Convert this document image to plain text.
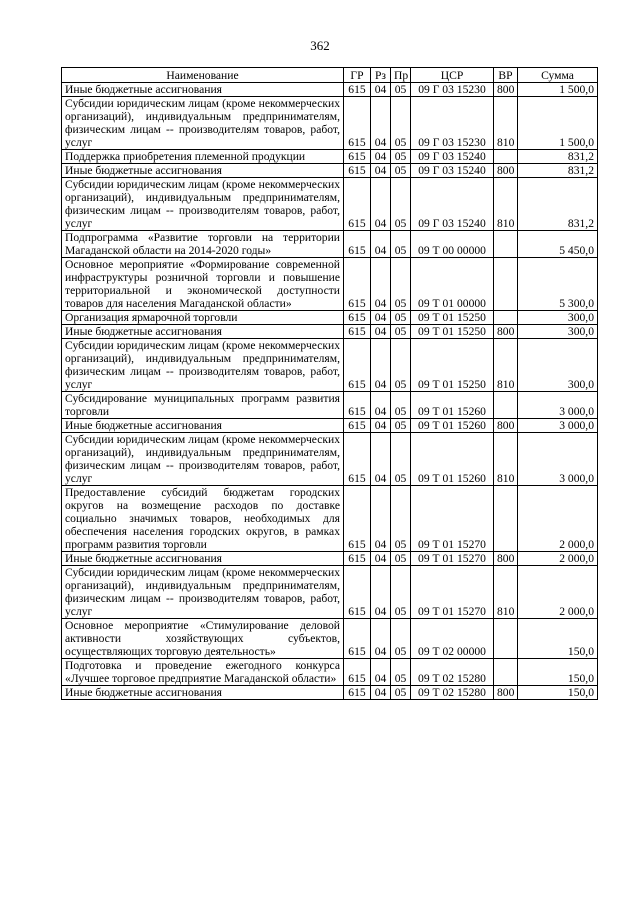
362
Наименование	ГР	Рз	Пр	ЦСР	ВР	Сумма
Иные бюджетные ассигнования	615	04	05	09 Г 03 15230	800	1 500,0
Субсидии юридическим лицам (кроме некоммерческих организаций), индивидуальным предпринимателям, физическим лицам -- производителям товаров, работ, услуг	615	04	05	09 Г 03 15230	810	1 500,0
Поддержка приобретения племенной продукции	615	04	05	09 Г 03 15240		831,2
Иные бюджетные ассигнования	615	04	05	09 Г 03 15240	800	831,2
Субсидии юридическим лицам (кроме некоммерческих организаций), индивидуальным предпринимателям, физическим лицам -- производителям товаров, работ, услуг	615	04	05	09 Г 03 15240	810	831,2
Подпрограмма «Развитие торговли на территории Магаданской области на 2014-2020 годы»	615	04	05	09 Т 00 00000		5 450,0
Основное мероприятие «Формирование современной инфраструктуры розничной торговли и повышение территориальной и экономической доступности товаров для населения Магаданской области»	615	04	05	09 Т 01 00000		5 300,0
Организация ярмарочной торговли	615	04	05	09 Т 01 15250		300,0
Иные бюджетные ассигнования	615	04	05	09 Т 01 15250	800	300,0
Субсидии юридическим лицам (кроме некоммерческих организаций), индивидуальным предпринимателям, физическим лицам -- производителям товаров, работ, услуг	615	04	05	09 Т 01 15250	810	300,0
Субсидирование муниципальных программ развития торговли	615	04	05	09 Т 01 15260		3 000,0
Иные бюджетные ассигнования	615	04	05	09 Т 01 15260	800	3 000,0
Субсидии юридическим лицам (кроме некоммерческих организаций), индивидуальным предпринимателям, физическим лицам -- производителям товаров, работ, услуг	615	04	05	09 Т 01 15260	810	3 000,0
Предоставление субсидий бюджетам городских округов на возмещение расходов по доставке социально значимых товаров, необходимых для обеспечения населения городских округов, в рамках программ развития торговли	615	04	05	09 Т 01 15270		2 000,0
Иные бюджетные ассигнования	615	04	05	09 Т 01 15270	800	2 000,0
Субсидии юридическим лицам (кроме некоммерческих организаций), индивидуальным предпринимателям, физическим лицам -- производителям товаров, работ, услуг	615	04	05	09 Т 01 15270	810	2 000,0
Основное мероприятие «Стимулирование деловой активности хозяйствующих субъектов, осуществляющих торговую деятельность»	615	04	05	09 Т 02 00000		150,0
Подготовка и проведение ежегодного конкурса «Лучшее торговое предприятие Магаданской области»	615	04	05	09 Т 02 15280		150,0
Иные бюджетные ассигнования	615	04	05	09 Т 02 15280	800	150,0
